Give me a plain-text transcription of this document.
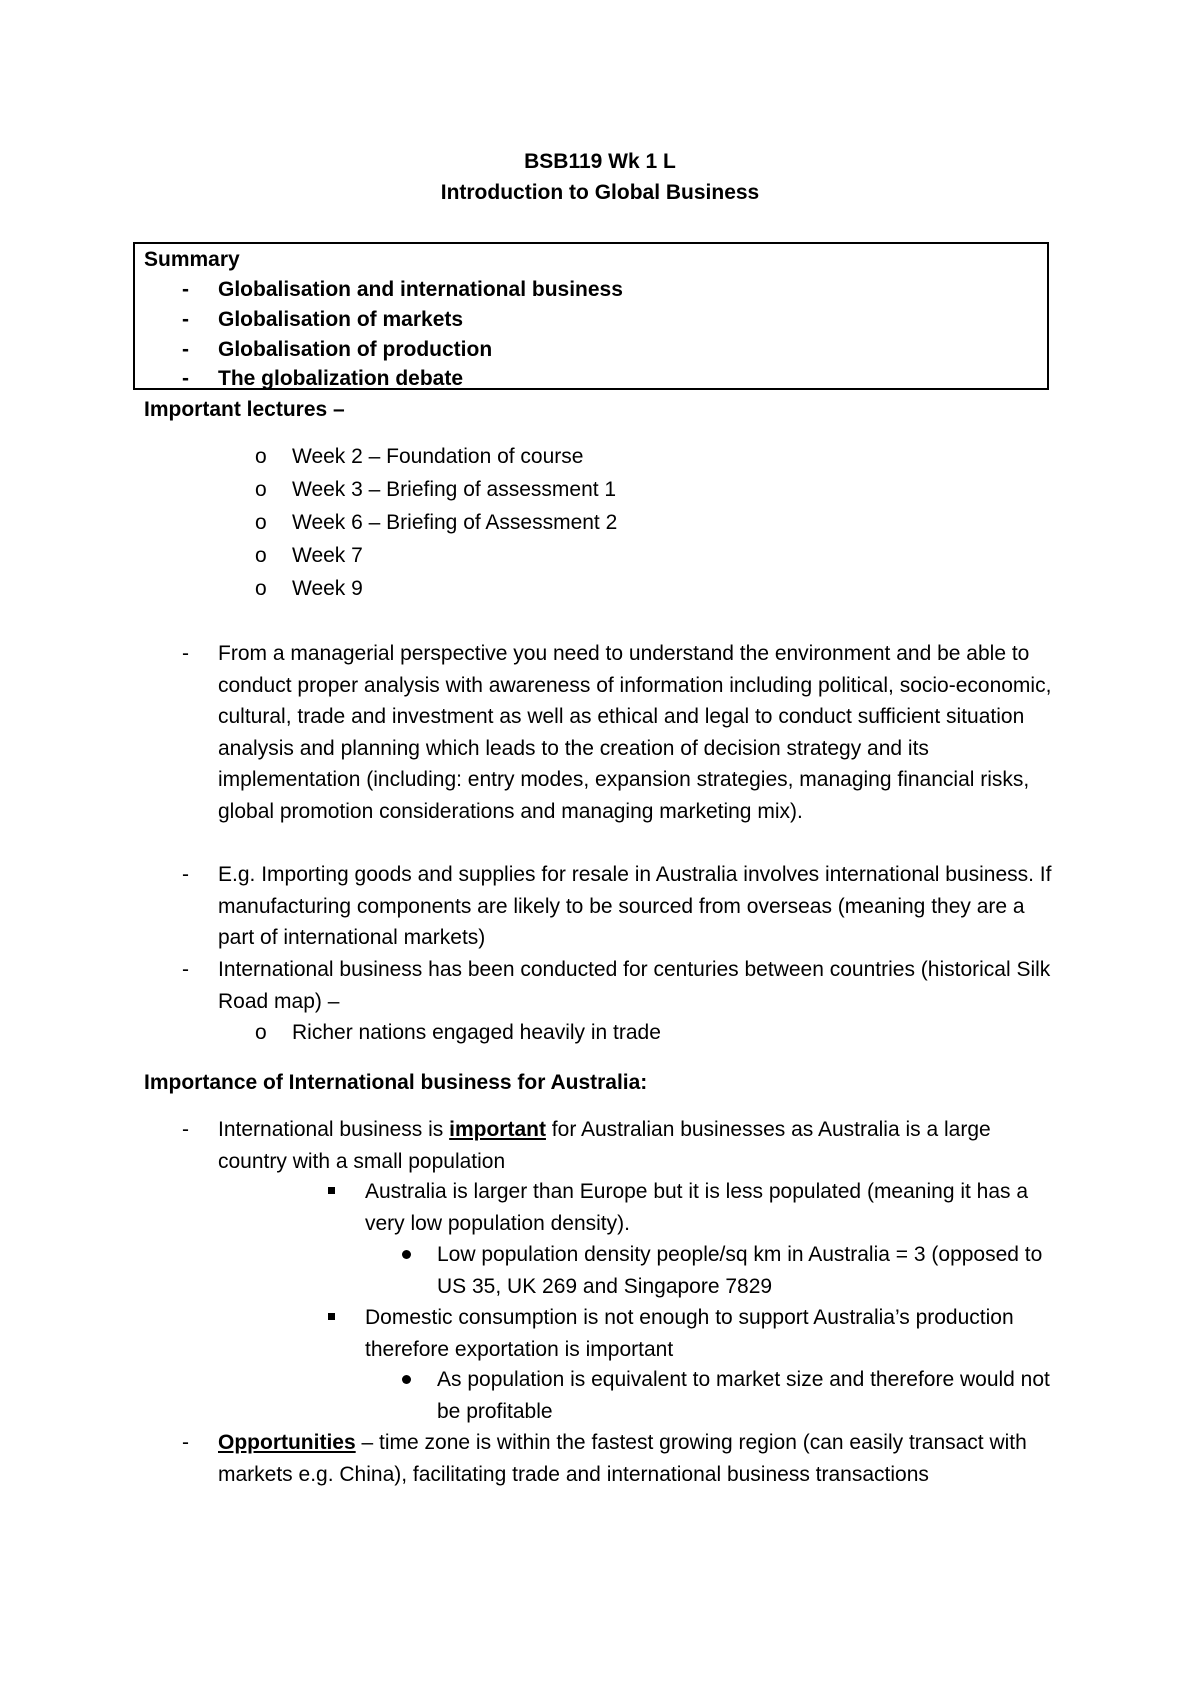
BSB119 Wk 1 L
Introduction to Global Business
Summary
- Globalisation and international business
- Globalisation of markets
- Globalisation of production
- The globalization debate
Important lectures –
o Week 2 – Foundation of course
o Week 3 – Briefing of assessment 1
o Week 6 – Briefing of Assessment 2
o Week 7
o Week 9
-	From a managerial perspective you need to understand the environment and be able to conduct proper analysis with awareness of information including political, socio-economic, cultural, trade and investment as well as ethical and legal to conduct sufficient situation analysis and planning which leads to the creation of decision strategy and its implementation (including: entry modes, expansion strategies, managing financial risks, global promotion considerations and managing marketing mix).
-	E.g. Importing goods and supplies for resale in Australia involves international business. If manufacturing components are likely to be sourced from overseas (meaning they are a part of international markets)
-	International business has been conducted for centuries between countries (historical Silk Road map) –
o Richer nations engaged heavily in trade
Importance of International business for Australia:
-	International business is important for Australian businesses as Australia is a large country with a small population
Australia is larger than Europe but it is less populated (meaning it has a very low population density).
Low population density people/sq km in Australia = 3 (opposed to US 35, UK 269 and Singapore 7829
Domestic consumption is not enough to support Australia’s production therefore exportation is important
As population is equivalent to market size and therefore would not be profitable
-	Opportunities – time zone is within the fastest growing region (can easily transact with markets e.g. China), facilitating trade and international business transactions
